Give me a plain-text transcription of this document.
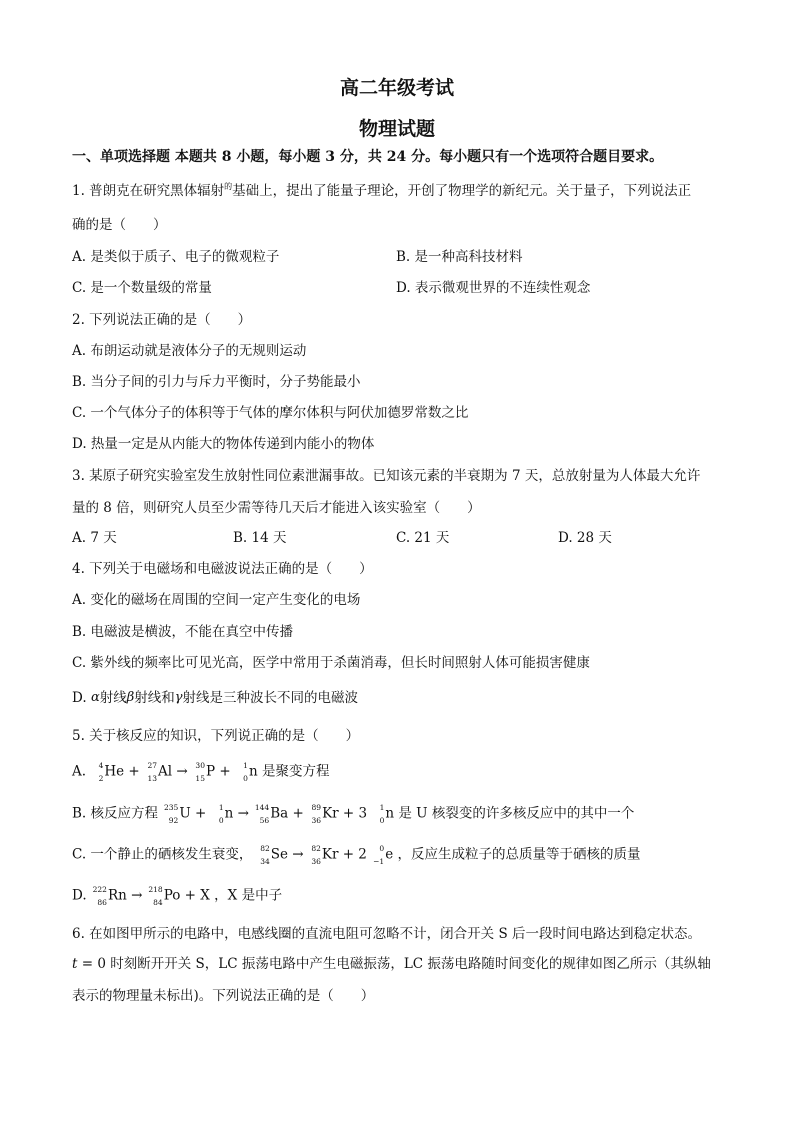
高二年级考试
物理试题
一、单项选择题 本题共 8 小题，每小题 3 分，共 24 分。每小题只有一个选项符合题目要求。
1. 普朗克在研究黑体辐射$^的$基础上，提出了能量子理论，开创了物理学的新纪元。关于量子，下列说法正
确的是（　　）
A. 是类似于质子、电子的微观粒子	B. 是一种高科技材料
C. 是一个数量级的常量	D. 表示微观世界的不连续性观念
2. 下列说法正确的是（　　）
A. 布朗运动就是液体分子的无规则运动
B. 当分子间的引力与斥力平衡时，分子势能最小
C. 一个气体分子的体积等于气体的摩尔体积与阿伏加德罗常数之比
D. 热量一定是从内能大的物体传递到内能小的物体
3. 某原子研究实验室发生放射性同位素泄漏事故。已知该元素的半衰期为 7 天，总放射量为人体最大允许
量的 8 倍，则研究人员至少需等待几天后才能进入该实验室（　　）
A. 7 天	B. 14 天	C. 21 天	D. 28 天
4. 下列关于电磁场和电磁波说法正确的是（　　）
A. 变化的磁场在周围的空间一定产生变化的电场
B. 电磁波是横波，不能在真空中传播
C. 紫外线的频率比可见光高，医学中常用于杀菌消毒，但长时间照射人体可能损害健康
D. α射线β射线和γ射线是三种波长不同的电磁波
5. 关于核反应的知识，下列说正确的是（　　）
A. 4
2 He + 27
13 Al → 30
15 P + 1
0 n 是聚变方程
B. 核反应方程 235
92 U + 1
0 n → 144
56 Ba + 89
36 Kr + 3 1
0 n 是 U 核裂变的许多核反应中的其中一个
C. 一个静止的硒核发生衰变， 82
34 Se → 82
36 Kr + 2 0
−1 e ，反应生成粒子的总质量等于硒核的质量
D. 222
86 Rn → 218
84 Po + X ，X 是中子
6. 在如图甲所示的电路中，电感线圈的直流电阻可忽略不计，闭合开关 S 后一段时间电路达到稳定状态。
t = 0 时刻断开开关 S，LC 振荡电路中产生电磁振荡，LC 振荡电路随时间变化的规律如图乙所示（其纵轴
表示的物理量未标出)。下列说法正确的是（　　）
